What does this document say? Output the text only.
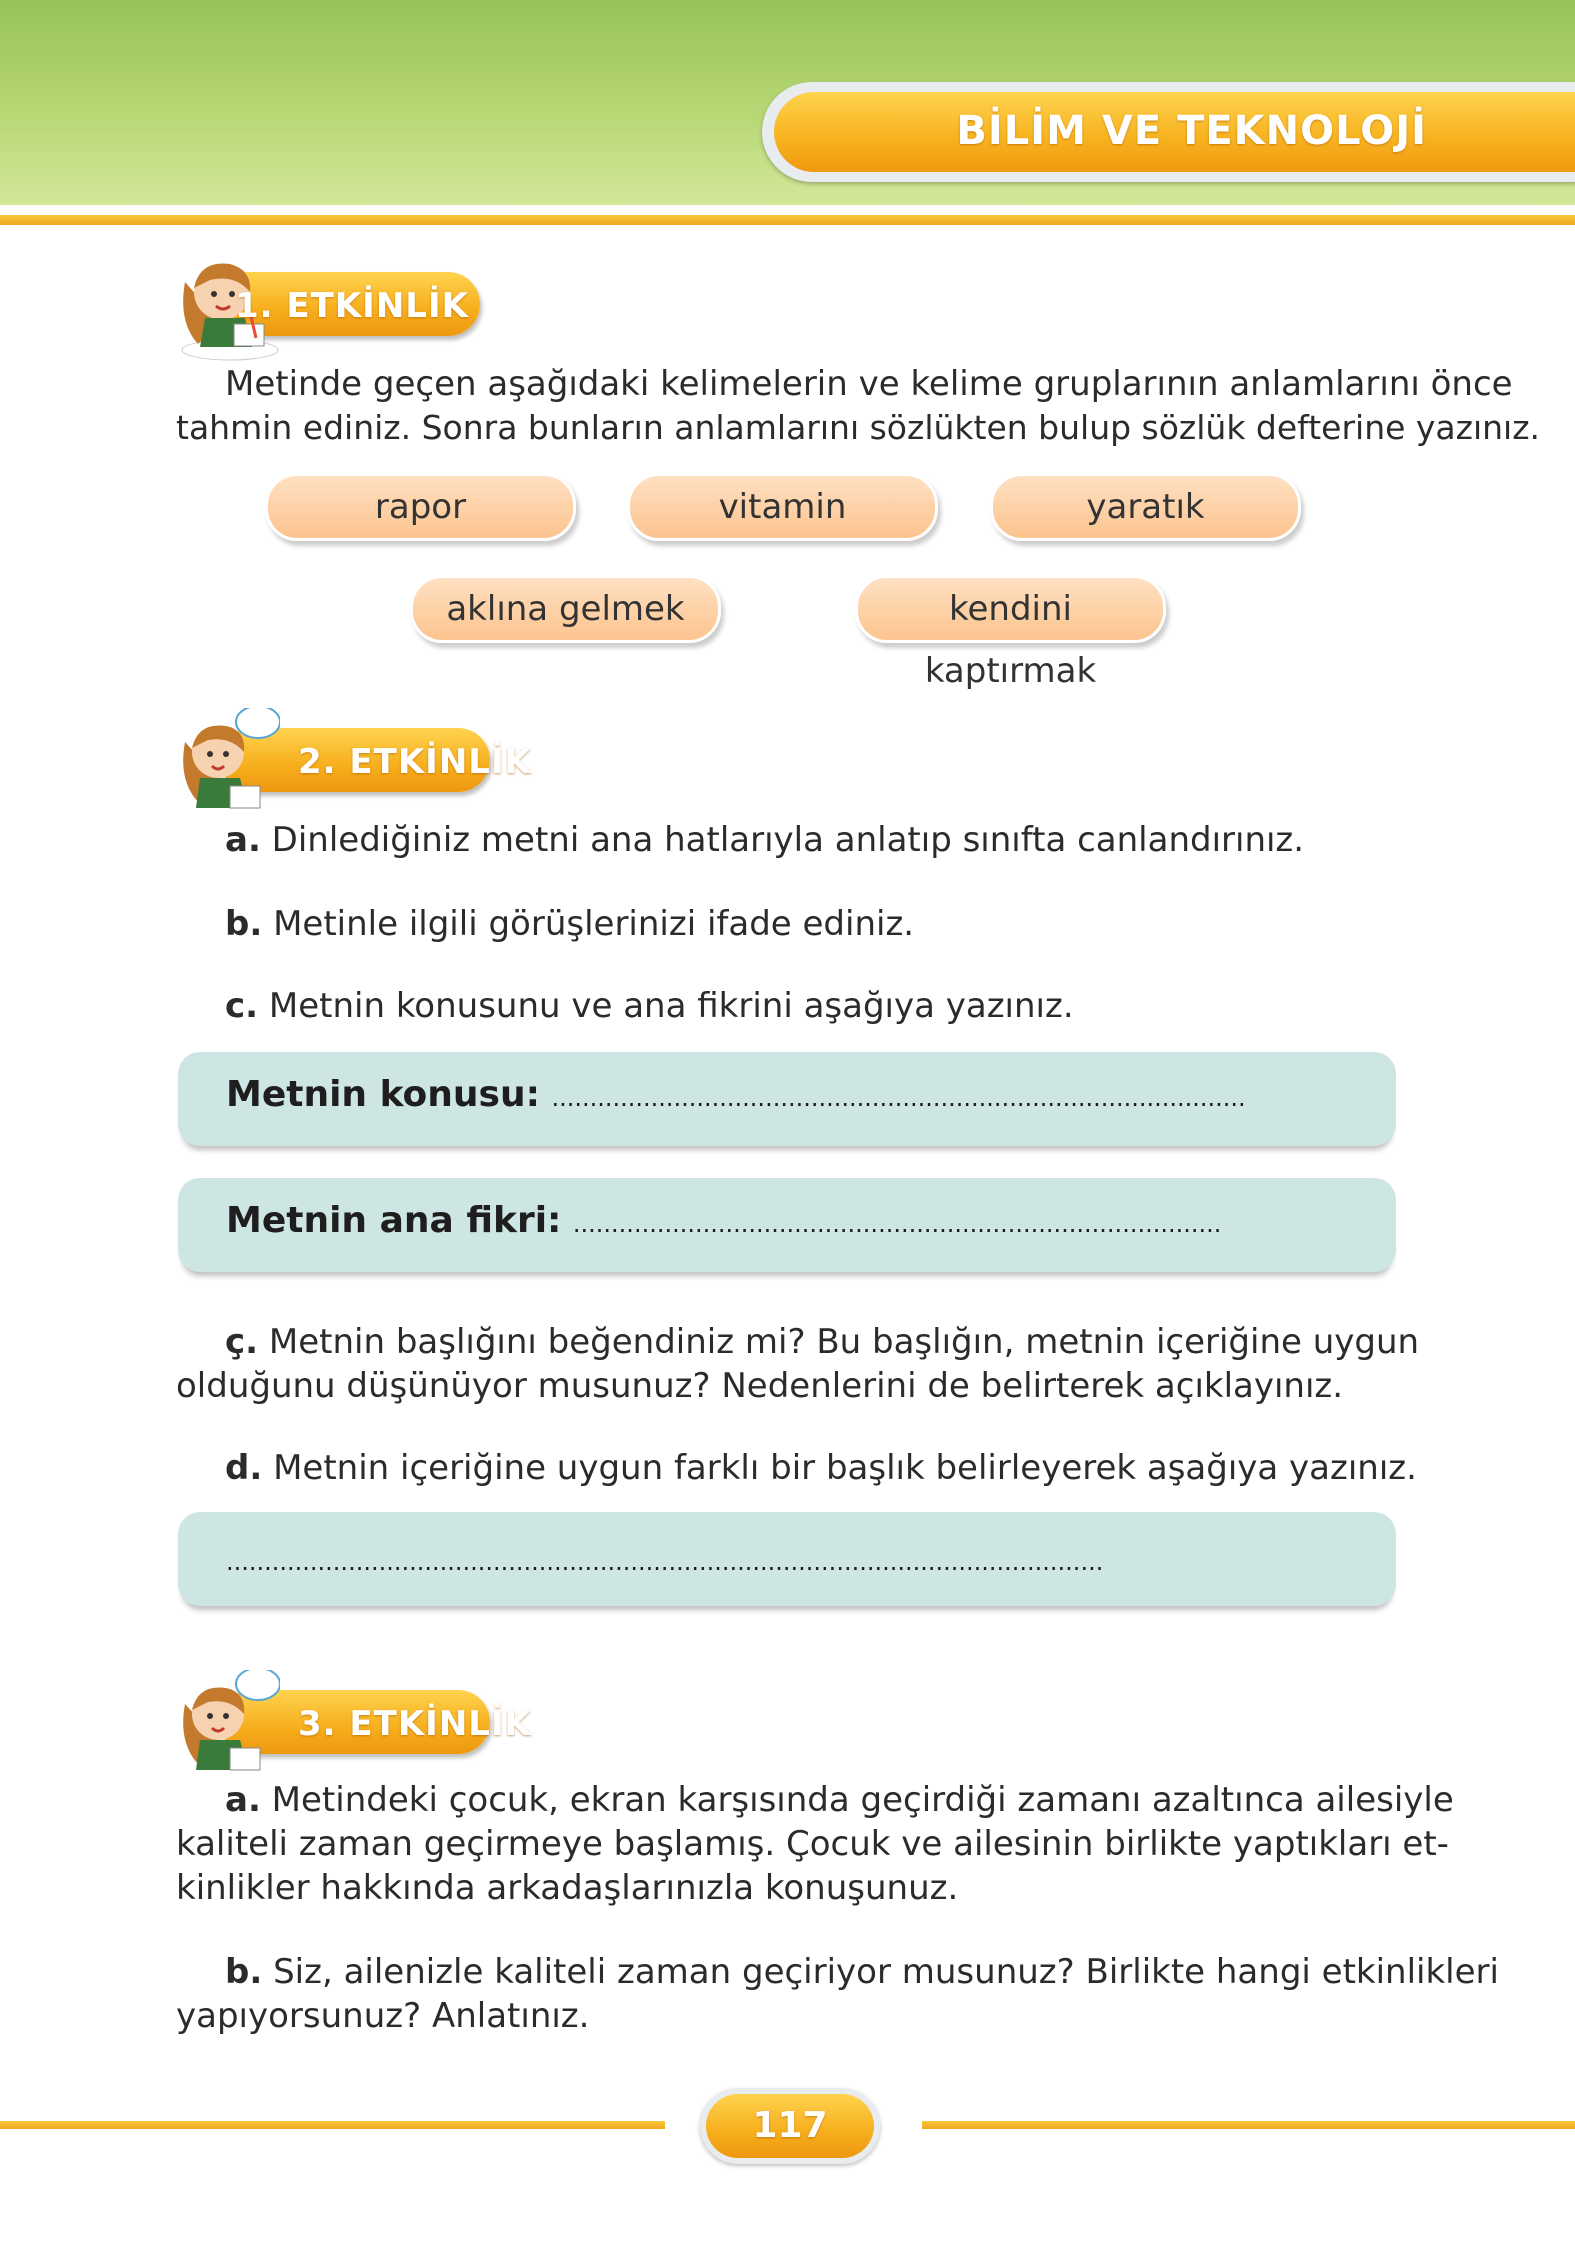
BİLİM VE TEKNOLOJİ
1. ETKİNLİK
Metinde geçen aşağıdaki kelimelerin ve kelime gruplarının anlamlarını önce
tahmin ediniz. Sonra bunların anlamlarını sözlükten bulup sözlük defterine yazınız.
rapor	vitamin	yaratık
aklına gelmek	kendini kaptırmak
2. ETKİNLİK
a. Dinlediğiniz metni ana hatlarıyla anlatıp sınıfta canlandırınız.
b. Metinle ilgili görüşlerinizi ifade ediniz.
c. Metnin konusunu ve ana fikrini aşağıya yazınız.
Metnin konusu: ...........................................................................................
Metnin ana fikri: .....................................................................................
ç. Metnin başlığını beğendiniz mi? Bu başlığın, metnin içeriğine uygun
olduğunu düşünüyor musunuz? Nedenlerini de belirterek açıklayınız.
d. Metnin içeriğine uygun farklı bir başlık belirleyerek aşağıya yazınız.
...................................................................................................................
3. ETKİNLİK
a. Metindeki çocuk, ekran karşısında geçirdiği zamanı azaltınca ailesiyle
kaliteli zaman geçirmeye başlamış. Çocuk ve ailesinin birlikte yaptıkları et-
kinlikler hakkında arkadaşlarınızla konuşunuz.
b. Siz, ailenizle kaliteli zaman geçiriyor musunuz? Birlikte hangi etkinlikleri
yapıyorsunuz? Anlatınız.
117
